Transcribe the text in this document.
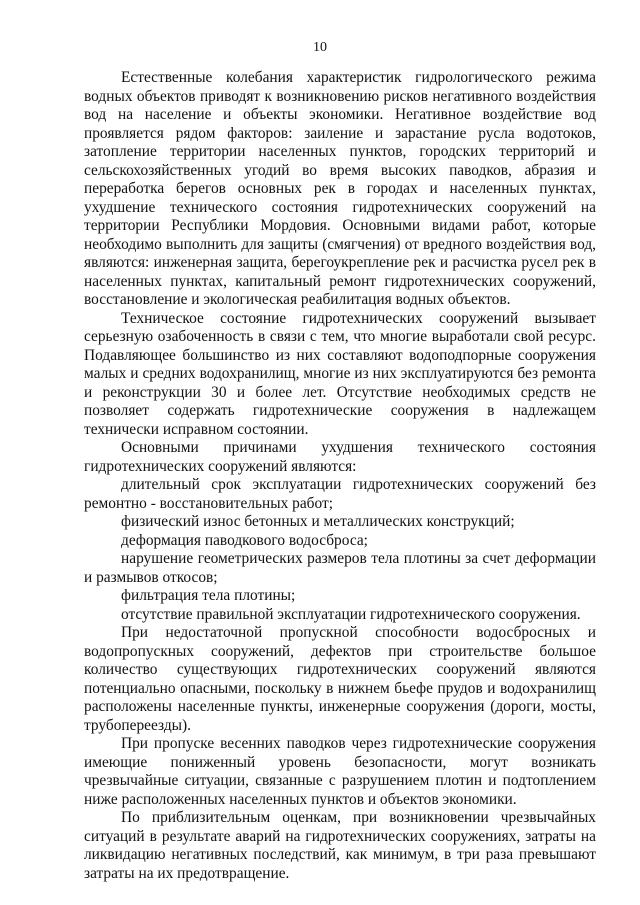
10

Естественные колебания характеристик гидрологического режима водных объектов приводят к возникновению рисков негативного воздействия вод на население и объекты экономики. Негативное воздействие вод проявляется рядом факторов: заиление и зарастание русла водотоков, затопление территории населенных пунктов, городских территорий и сельскохозяйственных угодий во время высоких паводков, абразия и переработка берегов основных рек в городах и населенных пунктах, ухудшение технического состояния гидротехнических сооружений на территории Республики Мордовия. Основными видами работ, которые необходимо выполнить для защиты (смягчения) от вредного воздействия вод, являются: инженерная защита, берегоукрепление рек и расчистка русел рек в населенных пунктах, капитальный ремонт гидротехнических сооружений, восстановление и экологическая реабилитация водных объектов.

Техническое состояние гидротехнических сооружений вызывает серьезную озабоченность в связи с тем, что многие выработали свой ресурс. Подавляющее большинство из них составляют водоподпорные сооружения малых и средних водохранилищ, многие из них эксплуатируются без ремонта и реконструкции 30 и более лет. Отсутствие необходимых средств не позволяет содержать гидротехнические сооружения в надлежащем технически исправном состоянии.

Основными причинами ухудшения технического состояния гидротехнических сооружений являются:

длительный срок эксплуатации гидротехнических сооружений без ремонтно - восстановительных работ;

физический износ бетонных и металлических конструкций;

деформация паводкового водосброса;

нарушение геометрических размеров тела плотины за счет деформации и размывов откосов;

фильтрация тела плотины;

отсутствие правильной эксплуатации гидротехнического сооружения.

При недостаточной пропускной способности водосбросных и водопропускных сооружений, дефектов при строительстве большое количество существующих гидротехнических сооружений являются потенциально опасными, поскольку в нижнем бьефе прудов и водохранилищ расположены населенные пункты, инженерные сооружения (дороги, мосты, трубопереезды).

При пропуске весенних паводков через гидротехнические сооружения имеющие пониженный уровень безопасности, могут возникать чрезвычайные ситуации, связанные с разрушением плотин и подтоплением ниже расположенных населенных пунктов и объектов экономики.

По приблизительным оценкам, при возникновении чрезвычайных ситуаций в результате аварий на гидротехнических сооружениях, затраты на ликвидацию негативных последствий, как минимум, в три раза превышают затраты на их предотвращение.
